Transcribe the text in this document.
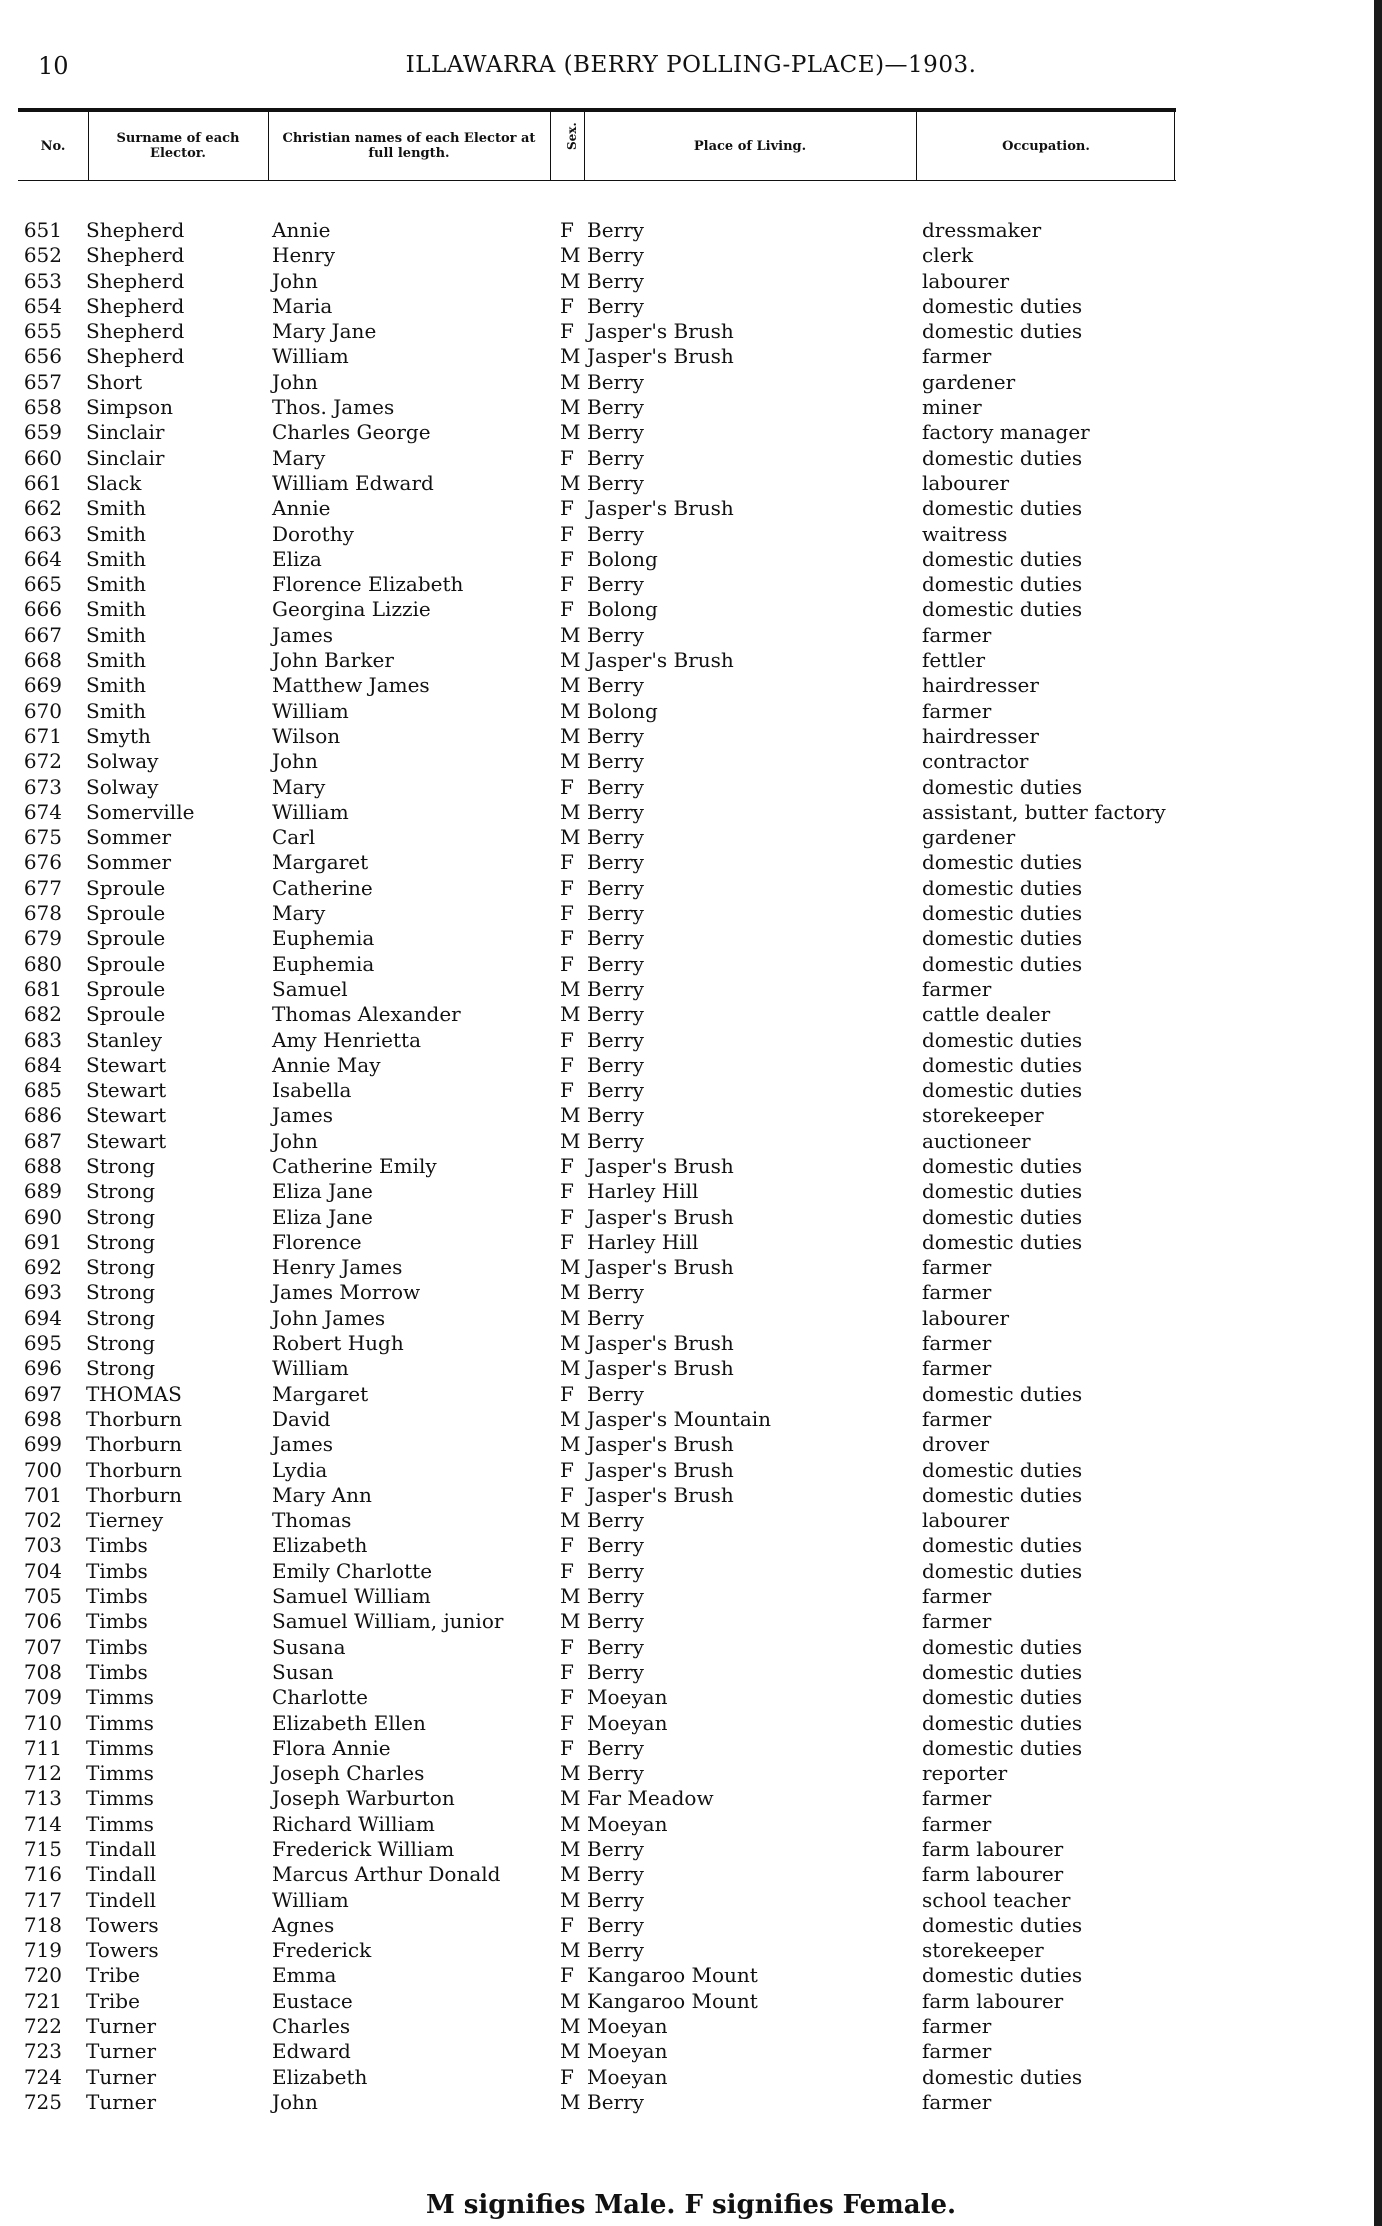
10	ILLAWARRA (BERRY POLLING-PLACE)—1903.
No.	Surname of each Elector.
Christian names of each Elector at full length.
Sex.	Place of Living.	Occupation.
651 Shepherd	Annie	F Berry	dressmaker
652 Shepherd	Henry	M Berry	clerk
653 Shepherd	John	M Berry	labourer
654 Shepherd	Maria	F Berry	domestic duties
655 Shepherd	Mary Jane	F Jasper's Brush	domestic duties
656 Shepherd	William	M Jasper's Brush	farmer
657 Short	John	M Berry	gardener
658 Simpson	Thos. James	M Berry	miner
659 Sinclair	Charles George	M Berry	factory manager
660 Sinclair	Mary	F Berry	domestic duties
661 Slack	William Edward	M Berry	labourer
662 Smith	Annie	F Jasper's Brush	domestic duties
663 Smith	Dorothy	F Berry	waitress
664 Smith	Eliza	F Bolong	domestic duties
665 Smith	Florence Elizabeth	F Berry	domestic duties
666 Smith	Georgina Lizzie	F Bolong	domestic duties
667 Smith	James	M Berry	farmer
668 Smith	John Barker	M Jasper's Brush	fettler
669 Smith	Matthew James	M Berry	hairdresser
670 Smith	William	M Bolong	farmer
671 Smyth	Wilson	M Berry	hairdresser
672 Solway	John	M Berry	contractor
673 Solway	Mary	F Berry	domestic duties
674 Somerville	William	M Berry	assistant, butter factory
675 Sommer	Carl	M Berry	gardener
676 Sommer	Margaret	F Berry	domestic duties
677 Sproule	Catherine	F Berry	domestic duties
678 Sproule	Mary	F Berry	domestic duties
679 Sproule	Euphemia	F Berry	domestic duties
680 Sproule	Euphemia	F Berry	domestic duties
681 Sproule	Samuel	M Berry	farmer
682 Sproule	Thomas Alexander	M Berry	cattle dealer
683 Stanley	Amy Henrietta	F Berry	domestic duties
684 Stewart	Annie May	F Berry	domestic duties
685 Stewart	Isabella	F Berry	domestic duties
686 Stewart	James	M Berry	storekeeper
687 Stewart	John	M Berry	auctioneer
688 Strong	Catherine Emily	F Jasper's Brush	domestic duties
689 Strong	Eliza Jane	F Harley Hill	domestic duties
690 Strong	Eliza Jane	F Jasper's Brush	domestic duties
691 Strong	Florence	F Harley Hill	domestic duties
692 Strong	Henry James	M Jasper's Brush	farmer
693 Strong	James Morrow	M Berry	farmer
694 Strong	John James	M Berry	labourer
695 Strong	Robert Hugh	M Jasper's Brush	farmer
696 Strong	William	M Jasper's Brush	farmer
697 THOMAS	Margaret	F Berry	domestic duties
698 Thorburn	David	M Jasper's Mountain	farmer
699 Thorburn	James	M Jasper's Brush	drover
700 Thorburn	Lydia	F Jasper's Brush	domestic duties
701 Thorburn	Mary Ann	F Jasper's Brush	domestic duties
702 Tierney	Thomas	M Berry	labourer
703 Timbs	Elizabeth	F Berry	domestic duties
704 Timbs	Emily Charlotte	F Berry	domestic duties
705 Timbs	Samuel William	M Berry	farmer
706 Timbs	Samuel William, junior	M Berry	farmer
707 Timbs	Susana	F Berry	domestic duties
708 Timbs	Susan	F Berry	domestic duties
709 Timms	Charlotte	F Moeyan	domestic duties
710 Timms	Elizabeth Ellen	F Moeyan	domestic duties
711 Timms	Flora Annie	F Berry	domestic duties
712 Timms	Joseph Charles	M Berry	reporter
713 Timms	Joseph Warburton	M Far Meadow	farmer
714 Timms	Richard William	M Moeyan	farmer
715 Tindall	Frederick William	M Berry	farm labourer
716 Tindall	Marcus Arthur Donald	M Berry	farm labourer
717 Tindell	William	M Berry	school teacher
718 Towers	Agnes	F Berry	domestic duties
719 Towers	Frederick	M Berry	storekeeper
720 Tribe	Emma	F Kangaroo Mount	domestic duties
721 Tribe	Eustace	M Kangaroo Mount	farm labourer
722 Turner	Charles	M Moeyan	farmer
723 Turner	Edward	M Moeyan	farmer
724 Turner	Elizabeth	F Moeyan	domestic duties
725 Turner	John	M Berry	farmer
M signifies Male. F signifies Female.
